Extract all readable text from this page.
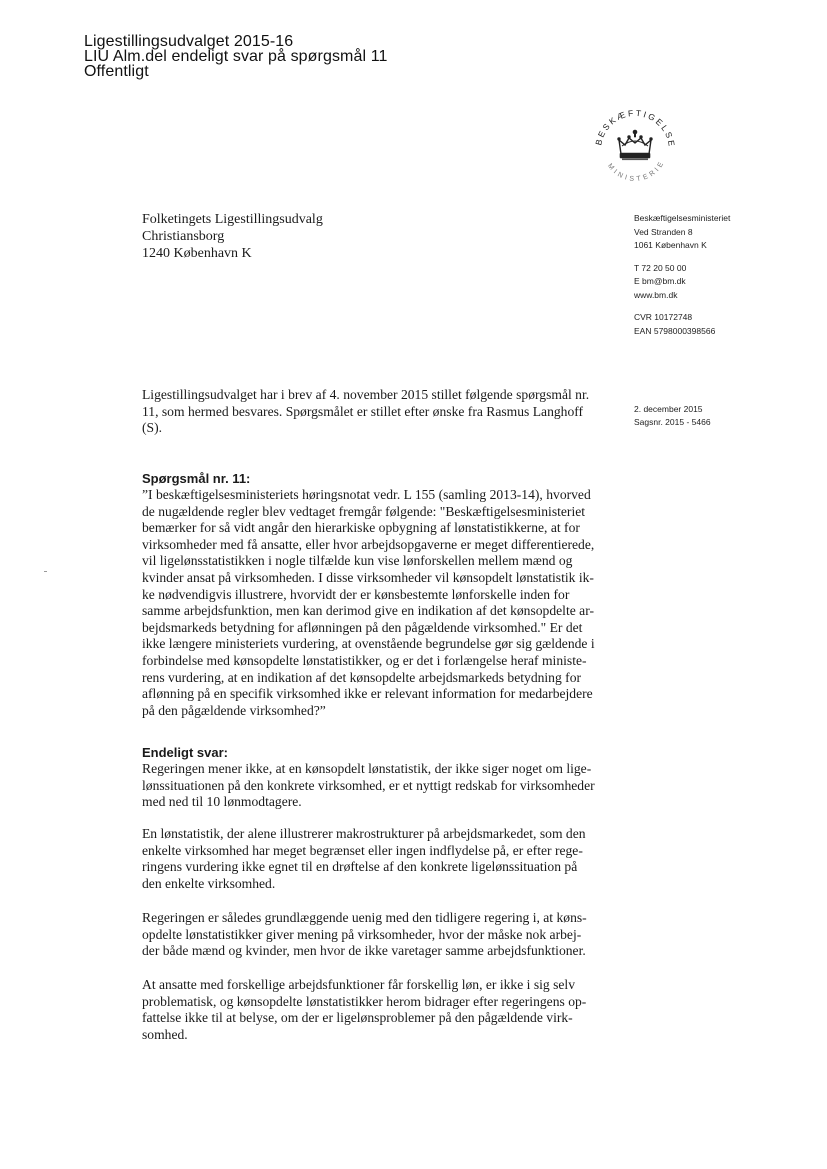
Ligestillingsudvalget 2015-16
LIU Alm.del endeligt svar på spørgsmål 11
Offentligt
BESKÆFTIGELSE
MINISTERIE
Folketingets Ligestillingsudvalg
Christiansborg
1240 København K
Beskæftigelsesministeriet
Ved Stranden 8
1061 København K
T 72 20 50 00
E bm@bm.dk
www.bm.dk
CVR 10172748
EAN 5798000398566
2. december 2015
Sagsnr. 2015 - 5466
Ligestillingsudvalget har i brev af 4. november 2015 stillet følgende spørgsmål nr.
11, som hermed besvares. Spørgsmålet er stillet efter ønske fra Rasmus Langhoff
(S).
Spørgsmål nr. 11:
”I beskæftigelsesministeriets høringsnotat vedr. L 155 (samling 2013-14), hvorved
de nugældende regler blev vedtaget fremgår følgende: "Beskæftigelsesministeriet
bemærker for så vidt angår den hierarkiske opbygning af lønstatistikkerne, at for
virksomheder med få ansatte, eller hvor arbejdsopgaverne er meget differentierede,
vil ligelønsstatistikken i nogle tilfælde kun vise lønforskellen mellem mænd og
kvinder ansat på virksomheden. I disse virksomheder vil kønsopdelt lønstatistik ik-
ke nødvendigvis illustrere, hvorvidt der er kønsbestemte lønforskelle inden for
samme arbejdsfunktion, men kan derimod give en indikation af det kønsopdelte ar-
bejdsmarkeds betydning for aflønningen på den pågældende virksomhed." Er det
ikke længere ministeriets vurdering, at ovenstående begrundelse gør sig gældende i
forbindelse med kønsopdelte lønstatistikker, og er det i forlængelse heraf ministe-
rens vurdering, at en indikation af det kønsopdelte arbejdsmarkeds betydning for
aflønning på en specifik virksomhed ikke er relevant information for medarbejdere
på den pågældende virksomhed?”
Endeligt svar:
Regeringen mener ikke, at en kønsopdelt lønstatistik, der ikke siger noget om lige-
lønssituationen på den konkrete virksomhed, er et nyttigt redskab for virksomheder
med ned til 10 lønmodtagere.
En lønstatistik, der alene illustrerer makrostrukturer på arbejdsmarkedet, som den
enkelte virksomhed har meget begrænset eller ingen indflydelse på, er efter rege-
ringens vurdering ikke egnet til en drøftelse af den konkrete ligelønssituation på
den enkelte virksomhed.
Regeringen er således grundlæggende uenig med den tidligere regering i, at køns-
opdelte lønstatistikker giver mening på virksomheder, hvor der måske nok arbej-
der både mænd og kvinder, men hvor de ikke varetager samme arbejdsfunktioner.
At ansatte med forskellige arbejdsfunktioner får forskellig løn, er ikke i sig selv
problematisk, og kønsopdelte lønstatistikker herom bidrager efter regeringens op-
fattelse ikke til at belyse, om der er ligelønsproblemer på den pågældende virk-
somhed.
